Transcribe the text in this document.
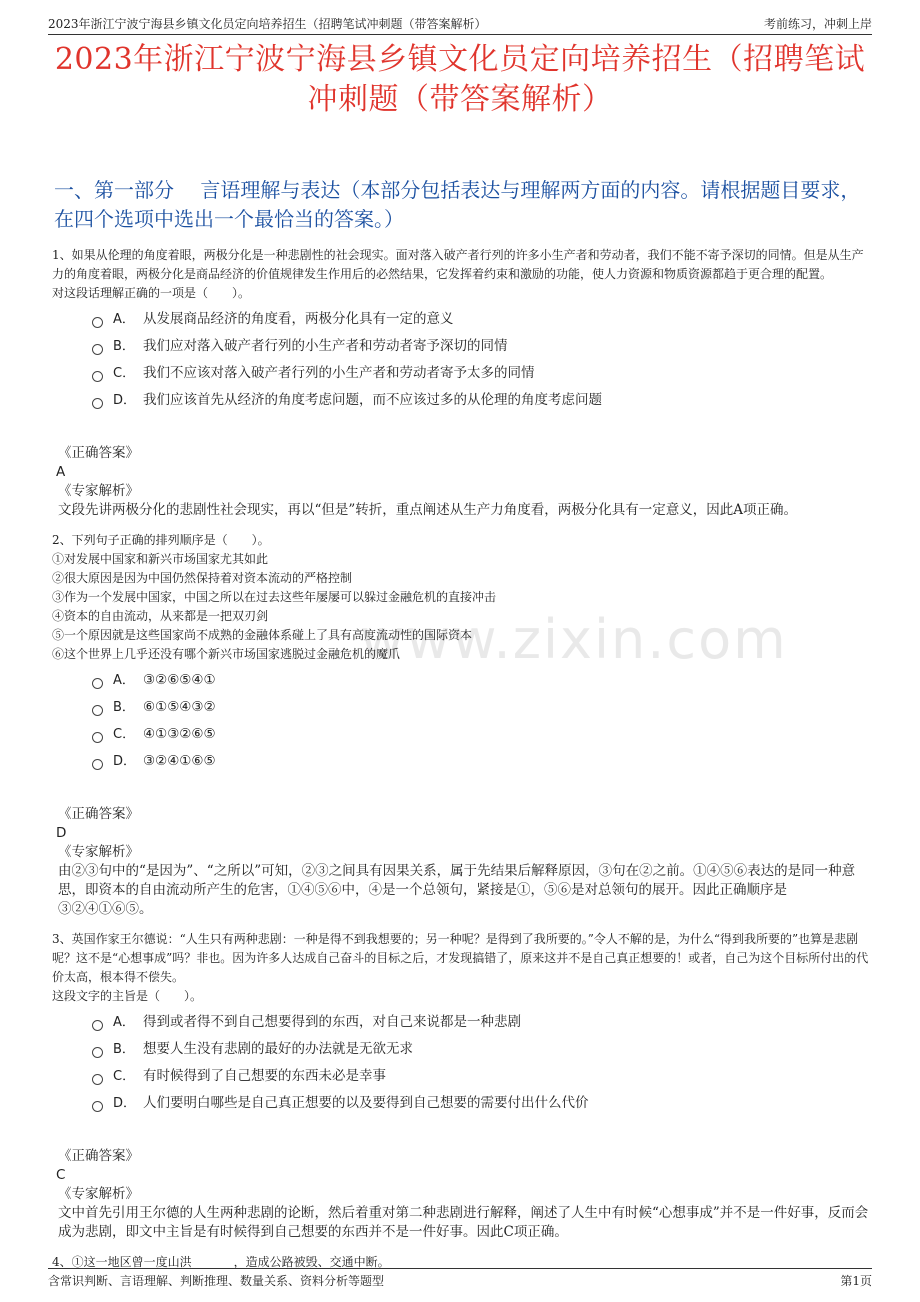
2023年浙江宁波宁海县乡镇文化员定向培养招生（招聘笔试冲刺题（带答案解析）	考前练习，冲刺上岸
2023年浙江宁波宁海县乡镇文化员定向培养招生（招聘笔试冲刺题（带答案解析）
一、第一部分　 言语理解与表达（本部分包括表达与理解两方面的内容。请根据题目要求，在四个选项中选出一个最恰当的答案。）
www.zixin.com

1、如果从伦理的角度着眼，两极分化是一种悲剧性的社会现实。面对落入破产者行列的许多小生产者和劳动者，我们不能不寄予深切的同情。但是从生产力的角度着眼，两极分化是商品经济的价值规律发生作用后的必然结果，它发挥着约束和激励的功能，使人力资源和物质资源都趋于更合理的配置。

对这段话理解正确的一项是（　　）。

A． 从发展商品经济的角度看，两极分化具有一定的意义
B． 我们应对落入破产者行列的小生产者和劳动者寄予深切的同情
C． 我们不应该对落入破产者行列的小生产者和劳动者寄予太多的同情
D． 我们应该首先从经济的角度考虑问题，而不应该过多的从伦理的角度考虑问题

《正确答案》

A

《专家解析》

文段先讲两极分化的悲剧性社会现实，再以“但是”转折，重点阐述从生产力角度看，两极分化具有一定意义，因此A项正确。

2、下列句子正确的排列顺序是（　　）。

①对发展中国家和新兴市场国家尤其如此

②很大原因是因为中国仍然保持着对资本流动的严格控制

③作为一个发展中国家，中国之所以在过去这些年屡屡可以躲过金融危机的直接冲击

④资本的自由流动，从来都是一把双刃剑

⑤一个原因就是这些国家尚不成熟的金融体系碰上了具有高度流动性的国际资本

⑥这个世界上几乎还没有哪个新兴市场国家逃脱过金融危机的魔爪

A． ③②⑥⑤④①
B． ⑥①⑤④③②
C． ④①③②⑥⑤
D． ③②④①⑥⑤

《正确答案》

D

《专家解析》

由②③句中的“是因为”、“之所以”可知，②③之间具有因果关系，属于先结果后解释原因，③句在②之前。①④⑤⑥表达的是同一种意思，即资本的自由流动所产生的危害，①④⑤⑥中，④是一个总领句，紧接是①，⑤⑥是对总领句的展开。因此正确顺序是③②④①⑥⑤。

3、英国作家王尔德说：“人生只有两种悲剧：一种是得不到我想要的；另一种呢？是得到了我所要的。”令人不解的是，为什么“得到我所要的”也算是悲剧呢？这不是“心想事成”吗？非也。因为许多人达成自己奋斗的目标之后，才发现搞错了，原来这并不是自己真正想要的！或者，自己为这个目标所付出的代价太高，根本得不偿失。

这段文字的主旨是（　　）。

A． 得到或者得不到自己想要得到的东西，对自己来说都是一种悲剧
B． 想要人生没有悲剧的最好的办法就是无欲无求
C． 有时候得到了自己想要的东西未必是幸事
D． 人们要明白哪些是自己真正想要的以及要得到自己想要的需要付出什么代价

《正确答案》

C

《专家解析》

文中首先引用王尔德的人生两种悲剧的论断，然后着重对第二种悲剧进行解释，阐述了人生中有时候“心想事成”并不是一件好事，反而会成为悲剧，即文中主旨是有时候得到自己想要的东西并不是一件好事。因此C项正确。

4、①这一地区曾一度山洪_______，造成公路被毁、交通中断。

含常识判断、言语理解、判断推理、数量关系、资料分析等题型	第1页
